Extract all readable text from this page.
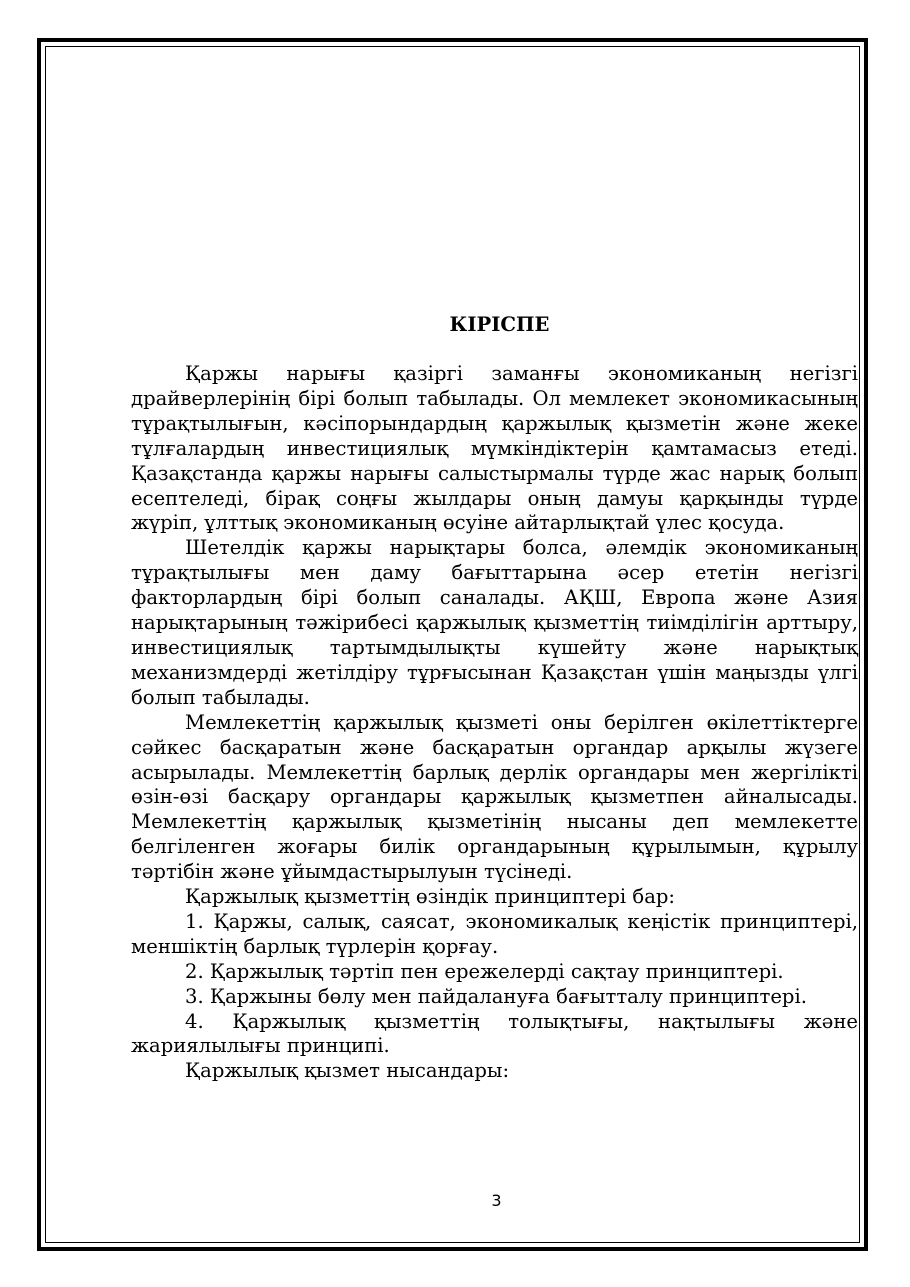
КІРІСПЕ

Қаржы нарығы қазіргі заманғы экономиканың негізгі драйверлерінің бірі болып табылады. Ол мемлекет экономикасының тұрақтылығын, кәсіпорындардың қаржылық қызметін және жеке тұлғалардың инвестициялық мүмкіндіктерін қамтамасыз етеді. Қазақстанда қаржы нарығы салыстырмалы түрде жас нарық болып есептеледі, бірақ соңғы жылдары оның дамуы қарқынды түрде жүріп, ұлттық экономиканың өсуіне айтарлықтай үлес қосуда.

Шетелдік қаржы нарықтары болса, әлемдік экономиканың тұрақтылығы мен даму бағыттарына әсер ететін негізгі факторлардың бірі болып саналады. АҚШ, Европа және Азия нарықтарының тәжірибесі қаржылық қызметтің тиімділігін арттыру, инвестициялық тартымдылықты күшейту және нарықтық механизмдерді жетілдіру тұрғысынан Қазақстан үшін маңызды үлгі болып табылады.

Мемлекеттің қаржылық қызметі оны берілген өкілеттіктерге сәйкес басқаратын және басқаратын органдар арқылы жүзеге асырылады. Мемлекеттің барлық дерлік органдары мен жергілікті өзін-өзі басқару органдары қаржылық қызметпен айналысады. Мемлекеттің қаржылық қызметінің нысаны деп мемлекетте белгіленген жоғары билік органдарының құрылымын, құрылу тәртібін және ұйымдастырылуын түсінеді.

Қаржылық қызметтің өзіндік принциптері бар:

1. Қаржы, салық, саясат, экономикалық кеңістік принциптері, меншіктің барлық түрлерін қорғау.

2. Қаржылық тәртіп пен ережелерді сақтау принциптері.

3. Қаржыны бөлу мен пайдалануға бағытталу принциптері.

4. Қаржылық қызметтің толықтығы, нақтылығы және жариялылығы принципі.

Қаржылық қызмет нысандары:

3
